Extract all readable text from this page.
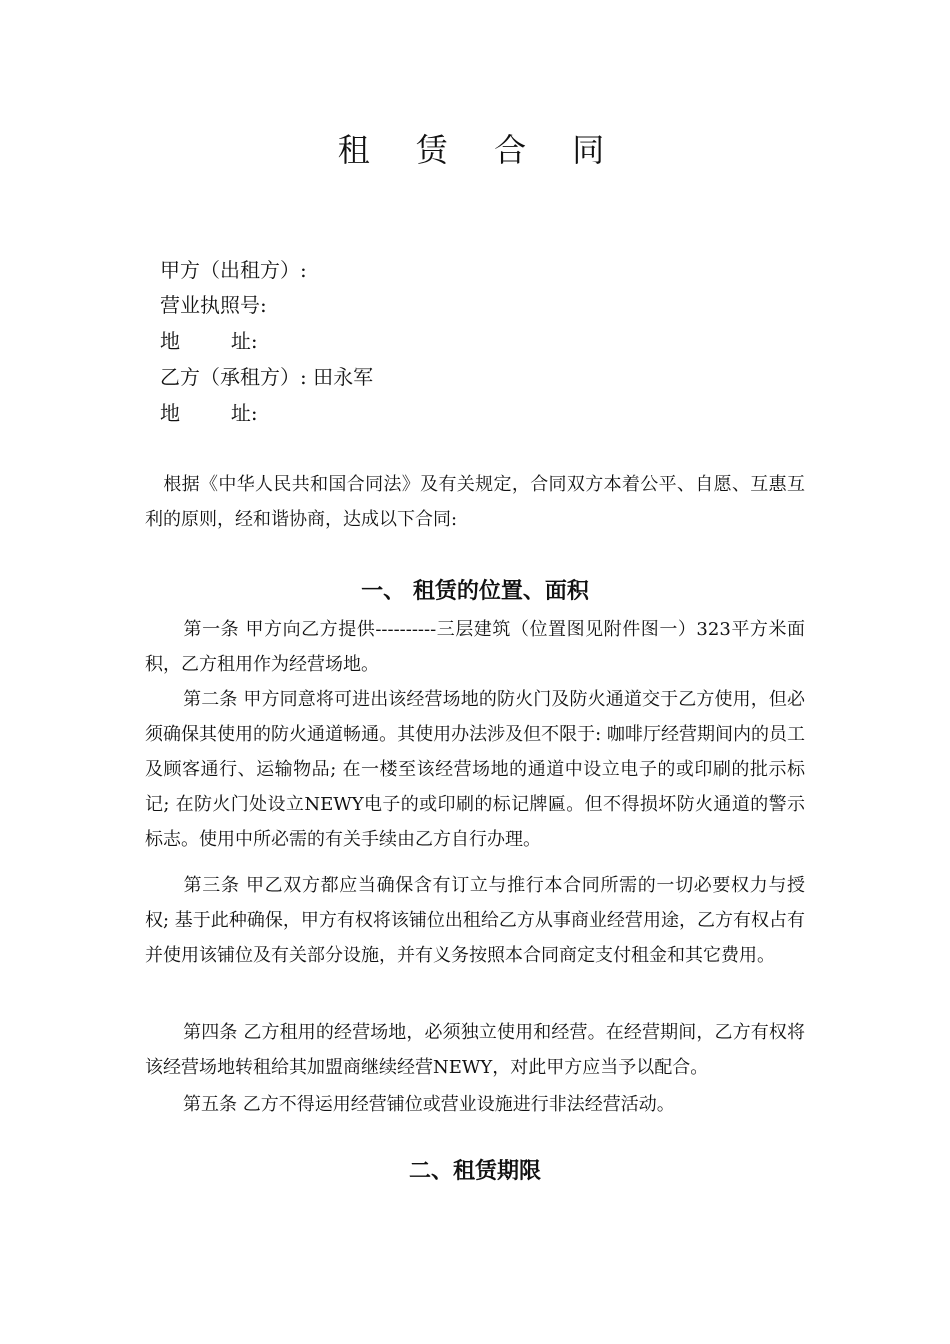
租 赁 合 同
甲方（出租方）:
营业执照号:
地        址:
乙方（承租方）: 田永军
地        址:
根据《中华人民共和国合同法》及有关规定，合同双方本着公平、自愿、互惠互利的原则，经和谐协商，达成以下合同:
一、 租赁的位置、面积
第一条 甲方向乙方提供----------三层建筑（位置图见附件图一）323平方米面积，乙方租用作为经营场地。
第二条 甲方同意将可进出该经营场地的防火门及防火通道交于乙方使用，但必须确保其使用的防火通道畅通。其使用办法涉及但不限于: 咖啡厅经营期间内的员工及顾客通行、运输物品; 在一楼至该经营场地的通道中设立电子的或印刷的批示标记; 在防火门处设立NEWY电子的或印刷的标记牌匾。但不得损坏防火通道的警示标志。使用中所必需的有关手续由乙方自行办理。
第三条 甲乙双方都应当确保含有订立与推行本合同所需的一切必要权力与授权; 基于此种确保，甲方有权将该铺位出租给乙方从事商业经营用途，乙方有权占有并使用该铺位及有关部分设施，并有义务按照本合同商定支付租金和其它费用。
第四条 乙方租用的经营场地，必须独立使用和经营。在经营期间，乙方有权将该经营场地转租给其加盟商继续经营NEWY，对此甲方应当予以配合。
第五条 乙方不得运用经营铺位或营业设施进行非法经营活动。
二、租赁期限
